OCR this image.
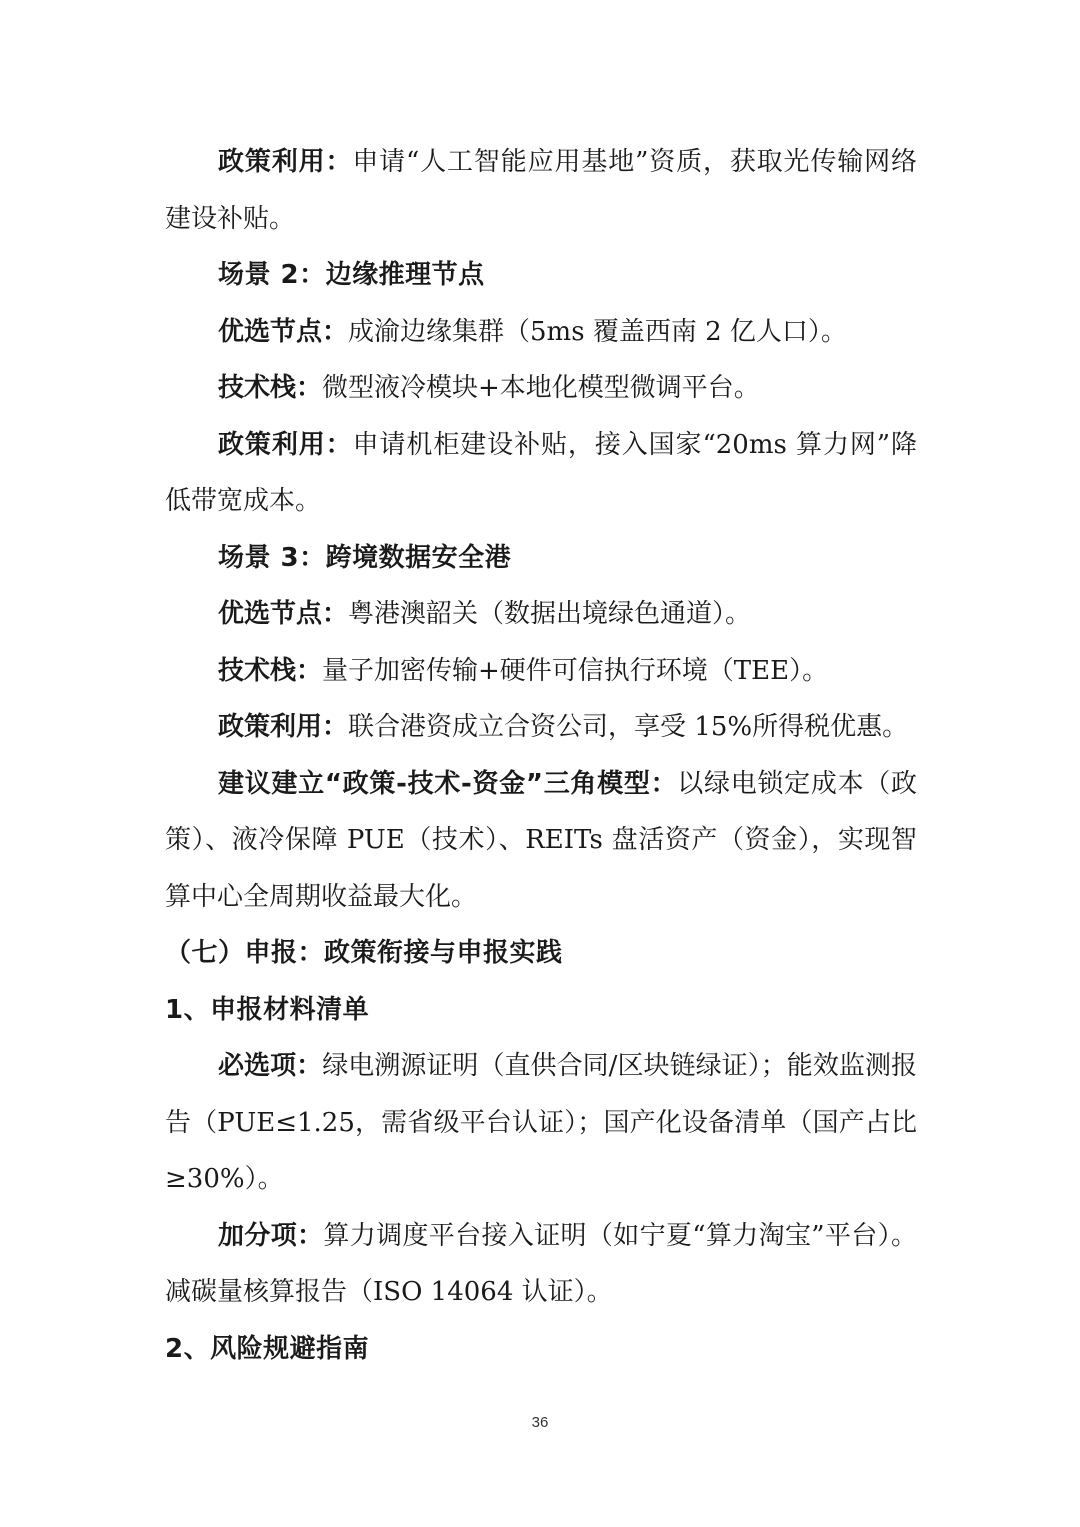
政策利用：申请“人工智能应用基地”资质，获取光传输网络建设补贴。

场景 2：边缘推理节点

优选节点：成渝边缘集群（5ms 覆盖西南 2 亿人口）。

技术栈：微型液冷模块+本地化模型微调平台。

政策利用：申请机柜建设补贴，接入国家“20ms 算力网”降低带宽成本。

场景 3：跨境数据安全港

优选节点：粤港澳韶关（数据出境绿色通道）。

技术栈：量子加密传输+硬件可信执行环境（TEE）。

政策利用：联合港资成立合资公司，享受 15%所得税优惠。

建议建立“政策-技术-资金”三角模型：以绿电锁定成本（政策）、液冷保障 PUE（技术）、REITs 盘活资产（资金），实现智算中心全周期收益最大化。

（七）申报：政策衔接与申报实践

1、申报材料清单

必选项：绿电溯源证明（直供合同/区块链绿证）；能效监测报告（PUE≤1.25，需省级平台认证）；国产化设备清单（国产占比≥30%）。

加分项：算力调度平台接入证明（如宁夏“算力淘宝”平台）。减碳量核算报告（ISO 14064 认证）。

2、风险规避指南

36
